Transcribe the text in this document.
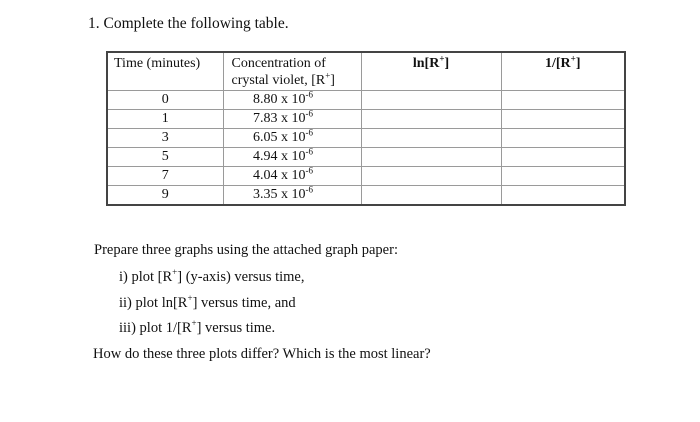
1. Complete the following table.
Time (minutes)	Concentration of
crystal violet, [R+]	ln[R+]	1/[R+]
0	8.80 x $10^{-6}$		
1	7.83 x $10^{-6}$		
3	6.05 x $10^{-6}$		
5	4.94 x $10^{-6}$		
7	4.04 x $10^{-6}$		
9	3.35 x $10^{-6}$		
Prepare three graphs using the attached graph paper:
i) plot [R+] (y-axis) versus time,
ii) plot ln[R+] versus time, and
iii) plot 1/[R+] versus time.
How do these three plots differ? Which is the most linear?
